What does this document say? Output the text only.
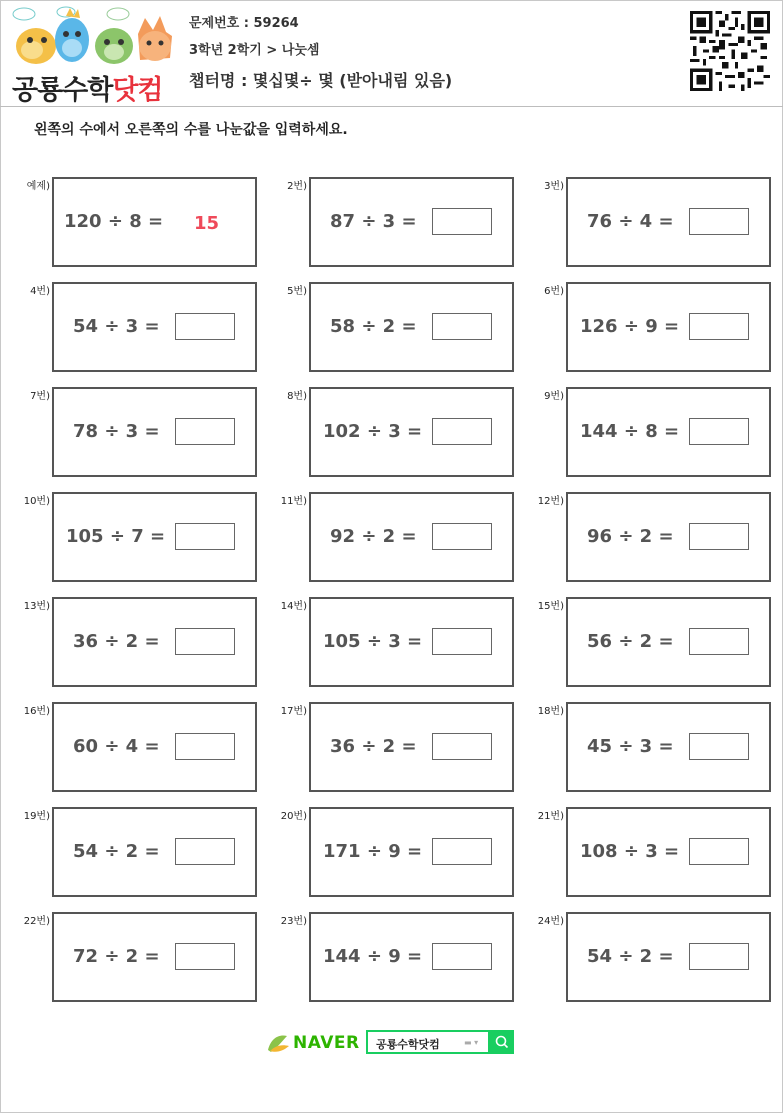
공룡수학닷컴
문제번호 : 59264
3학년 2학기 > 나눗셈
챕터명 : 몇십몇÷ 몇 (받아내림 있음)
왼쪽의 수에서 오른쪽의 수를 나눈값을 입력하세요.
예제)
120 ÷ 8 = 15
2번)
87 ÷ 3 =
3번)
76 ÷ 4 =
4번)
54 ÷ 3 =
5번)
58 ÷ 2 =
6번)
126 ÷ 9 =
7번)
78 ÷ 3 =
8번)
102 ÷ 3 =
9번)
144 ÷ 8 =
10번)
105 ÷ 7 =
11번)
92 ÷ 2 =
12번)
96 ÷ 2 =
13번)
36 ÷ 2 =
14번)
105 ÷ 3 =
15번)
56 ÷ 2 =
16번)
60 ÷ 4 =
17번)
36 ÷ 2 =
18번)
45 ÷ 3 =
19번)
54 ÷ 2 =
20번)
171 ÷ 9 =
21번)
108 ÷ 3 =
22번)
72 ÷ 2 =
23번)
144 ÷ 9 =
24번)
54 ÷ 2 =
NAVER 공룡수학닷컴	▬ ▾
